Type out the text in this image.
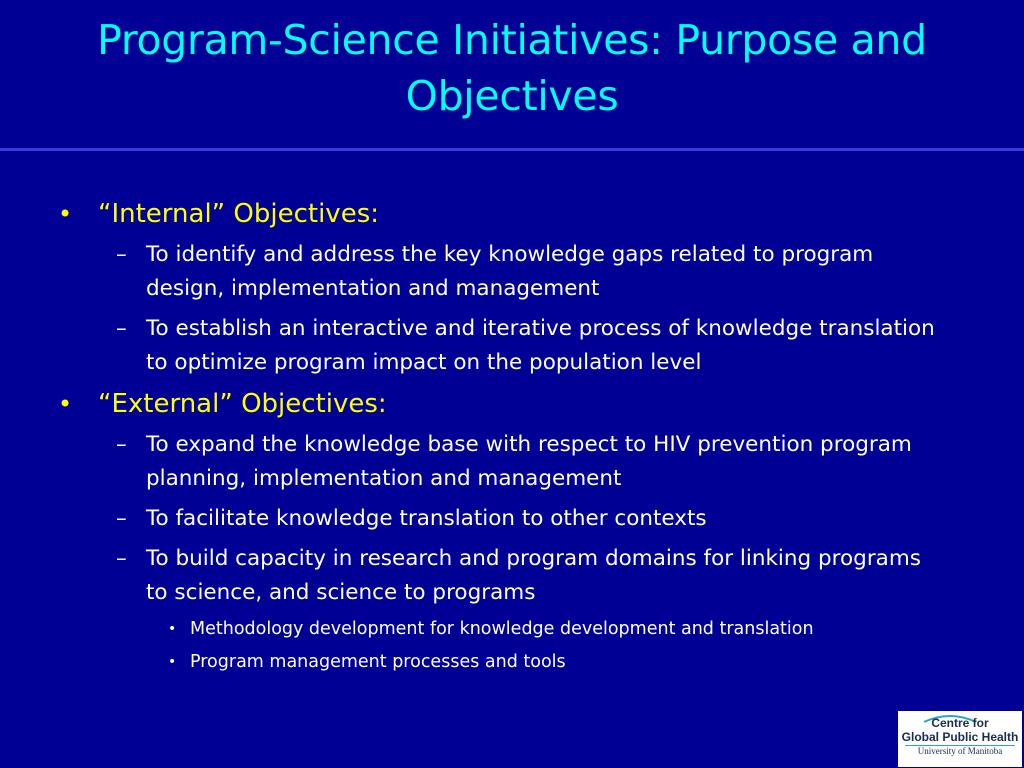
Program-Science Initiatives: Purpose and Objectives
• “Internal” Objectives:
– To identify and address the key knowledge gaps related to program design, implementation and management
– To establish an interactive and iterative process of knowledge translation to optimize program impact on the population level
• “External” Objectives:
– To expand the knowledge base with respect to HIV prevention program planning, implementation and management
– To facilitate knowledge translation to other contexts
– To build capacity in research and program domains for linking programs to science, and science to programs
• Methodology development for knowledge development and translation
• Program management processes and tools
Centre for
Global Public Health
University of Manitoba
